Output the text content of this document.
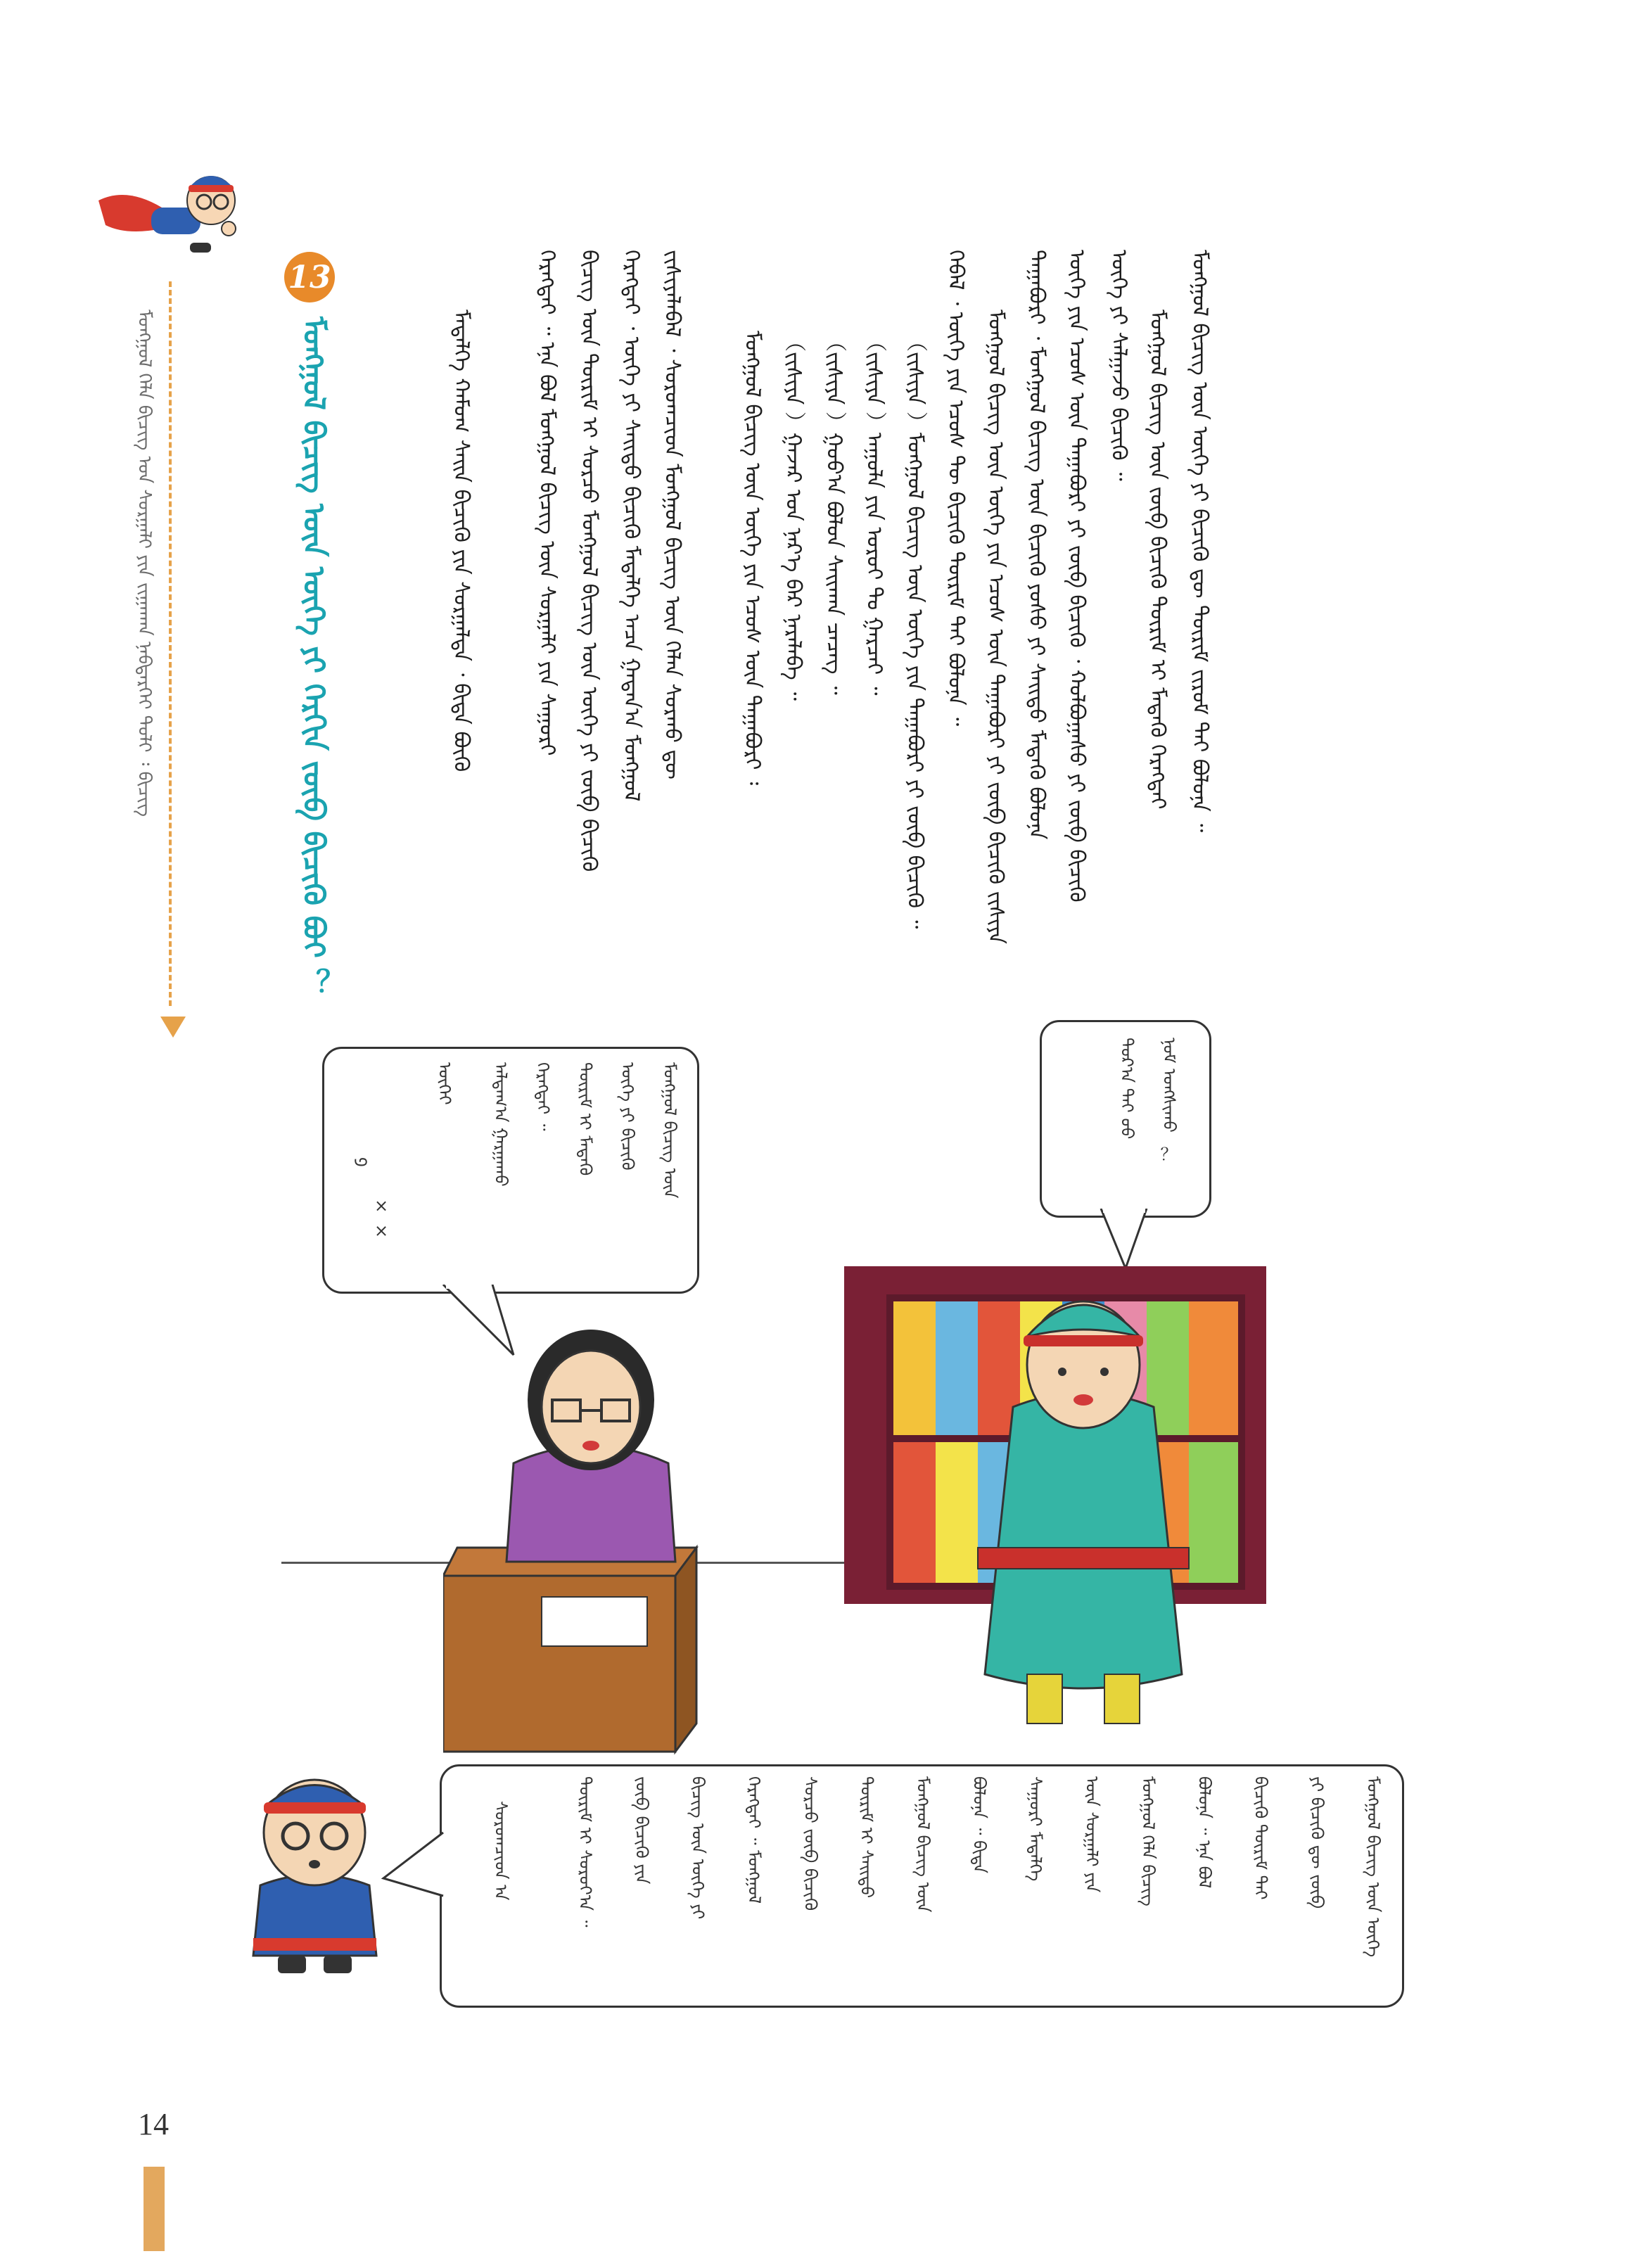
ᠮᠣᠩᠭᠣᠯ ᠬᠡᠯᠡ ᠪᠢᠴᠢᠭ ᠤᠨ ᠰᠤᠷᠭᠠᠯᠢ ᠶᠢᠨ ᠵᠢᠭᠠᠬᠠᠨ ᠨᠡᠪᠲᠡᠷᠬᠡᠢ ᠲᠣᠯᠢ ᠄ ᠪᠢᠴᠢᠭ
13
ᠮᠣᠩᠭᠣᠯ ᠪᠢᠴᠢᠭ ᠦᠨ ᠦᠭᠡ ᠶᠢ ᠬᠡᠷᠬᠢᠨ ᠵᠥᠪ ᠪᠢᠴᠢᠬᠦ ᠪᠤᠢ ？	ᠮᠣᠩᠭᠣᠯ ᠪᠢᠴᠢᠭ ᠦᠨ ᠦᠭᠡ ᠶᠢ ᠪᠢᠴᠢᠬᠦ ᠳᠦ ᠳᠦᠷᠢᠮ ᠵᠢᠷᠤᠮ ᠲᠠᠢ ᠪᠣᠯᠤᠨᠠ ᠃
ᠮᠣᠩᠭᠣᠯ ᠪᠢᠴᠢᠭ ᠦᠨ ᠵᠥᠪ ᠪᠢᠴᠢᠬᠦ ᠳᠦᠷᠢᠮ ᠢ ᠮᠡᠳᠡᠬᠦ ᠬᠡᠷᠡᠭᠲᠡᠢ
ᠦᠭᠡ ᠶᠢ ᠰᠠᠯᠭᠠᠵᠤ ᠪᠢᠴᠢᠬᠦ ᠃
ᠦᠭᠡ ᠶᠢᠨ ᠡᠴᠦᠰ ᠦᠨ ᠳᠠᠭᠠᠪᠤᠷᠢ ᠶᠢ ᠵᠥᠪ ᠪᠢᠴᠢᠬᠦ ᠂ ᠬᠣᠯᠪᠣᠭᠠᠰᠤ ᠶᠢ ᠵᠥᠪ ᠪᠢᠴᠢᠬᠦ
ᠳᠠᠭᠠᠪᠤᠷᠢ ᠂ ᠮᠣᠩᠭᠣᠯ ᠪᠢᠴᠢᠭ ᠦᠨ ᠪᠢᠴᠢᠬᠦ ᠶᠣᠰᠣ ᠶᠢ ᠰᠠᠢᠲᠤ ᠮᠡᠳᠡᠬᠦ ᠪᠣᠯᠤᠨᠠ
ᠮᠣᠩᠭᠣᠯ ᠪᠢᠴᠢᠭ ᠦᠨ ᠦᠭᠡ ᠶᠢᠨ ᠡᠴᠦᠰ ᠦᠨ ᠳᠠᠭᠠᠪᠤᠷᠢ ᠶᠢ ᠵᠥᠪ ᠪᠢᠴᠢᠬᠦ ᠵᠢᠱᠢᠶᠡ
ᠭᠡᠪᠡᠯ ᠂ ᠦᠭᠡ ᠶᠢᠨ ᠡᠴᠦᠰ ᠲᠦ ᠪᠢᠴᠢᠬᠦ ᠳᠦᠷᠢᠮ ᠲᠠᠢ ᠪᠣᠯᠤᠨᠠ ᠃
（ᠵᠢᠱᠢᠶᠡ ）ᠮᠣᠩᠭᠣᠯ ᠪᠢᠴᠢᠭ ᠦᠨ ᠦᠭᠡ ᠶᠢᠨ ᠳᠠᠭᠠᠪᠤᠷᠢ ᠶᠢ ᠵᠥᠪ ᠪᠢᠴᠢᠬᠦ ᠃
（ᠵᠢᠱᠢᠶᠡ ）ᠠᠭᠤᠯᠠ ᠶᠢᠨ ᠤᠷᠤᠢ ᠲᠤ ᠭᠠᠷᠴᠠᠢ ᠃
（ᠵᠢᠱᠢᠶᠡ ）ᠭᠣᠣ᠎ᠠ ᠪᠣᠯᠤᠨ ᠰᠠᠢᠬᠠᠨ ᠴᠡᠴᠡᠭ ᠃
（ᠵᠢᠱᠢᠶᠡ ）ᠭᠠᠵᠠᠷ ᠤᠨ ᠨᠡᠷ᠎ᠡ ᠪᠠᠷ ᠨᠡᠷᠡᠯᠡᠪᠡ ᠃
ᠮᠣᠩᠭᠣᠯ ᠪᠢᠴᠢᠭ ᠦᠨ ᠦᠭᠡ ᠶᠢᠨ ᠡᠴᠦᠰ ᠦᠨ ᠳᠠᠭᠠᠪᠤᠷᠢ ᠄
ᠵᠢᠱᠢᠶᠡᠯᠡᠪᠡᠯ ᠂ ᠰᠤᠷᠤᠭᠴᠢᠳ ᠮᠣᠩᠭᠣᠯ ᠪᠢᠴᠢᠭ ᠦᠨ ᠬᠡᠯᠡᠨ ᠰᠤᠷᠬᠤ ᠳᠦ
ᠬᠡᠷᠡᠭᠲᠡᠢ ᠂ ᠦᠭᠡ ᠶᠢ ᠰᠠᠢᠲᠤ ᠪᠢᠴᠢᠬᠦ ᠮᠡᠳᠡᠯᠭᠡ ᠠᠴᠠ ᠭᠠᠳᠠᠨ᠎ᠠ ᠮᠣᠩᠭᠣᠯ
ᠪᠢᠴᠢᠭ ᠦᠨ ᠳᠦᠷᠢᠮ ᠢ ᠰᠤᠷᠴᠤ ᠮᠣᠩᠭᠣᠯ ᠪᠢᠴᠢᠭ ᠦᠨ ᠦᠭᠡ ᠶᠢ ᠵᠥᠪ ᠪᠢᠴᠢᠬᠦ
ᠬᠡᠷᠡᠭᠲᠡᠢ ᠃ ᠡᠨᠡ ᠪᠣᠯ ᠮᠣᠩᠭᠣᠯ ᠪᠢᠴᠢᠭ ᠦᠨ ᠰᠤᠷᠭᠠᠯᠢ ᠶᠢᠨ ᠰᠠᠭᠤᠷᠢ
ᠮᠡᠳᠡᠯᠭᠡ ᠬᠠᠮᠤᠭ ᠰᠠᠢᠨ ᠪᠢᠴᠢᠬᠦ ᠶᠢᠨ ᠰᠤᠷᠭᠠᠯᠲᠠ ᠂ ᠪᠢᠳᠡ ᠪᠦᠬᠦ
ᠨᠣᠮ ᠤᠩᠰᠢᠬᠤ
ᠳᠤᠷ᠎ᠠ ᠲᠠᠢ ᠤᠤ
？
ᠮᠣᠩᠭᠣᠯ ᠪᠢᠴᠢᠭ ᠦᠨ
ᠦᠭᠡ ᠶᠢ ᠪᠢᠴᠢᠬᠦ
ᠳᠦᠷᠢᠮ ᠢ ᠮᠡᠳᠡᠬᠦ
ᠬᠡᠷᠡᠭᠲᠡᠢ ᠃
ᠠᠯᠳᠠᠭ᠎ᠠ ᠭᠠᠷᠭᠠᠬᠤ
ᠦᠭᠡᠢ
× ×
᠑
ᠮᠣᠩᠭᠣᠯ ᠪᠢᠴᠢᠭ ᠦᠨ ᠦᠭᠡ
ᠶᠢ ᠪᠢᠴᠢᠬᠦ ᠳᠦ ᠵᠥᠪ
ᠪᠢᠴᠢᠬᠦ ᠳᠦᠷᠢᠮ ᠲᠠᠢ
ᠪᠣᠯᠤᠨᠠ ᠃ ᠡᠨᠡ ᠪᠣᠯ
ᠮᠣᠩᠭᠣᠯ ᠬᠡᠯᠡ ᠪᠢᠴᠢᠭ
ᠦᠨ ᠰᠤᠷᠭᠠᠯᠢ ᠶᠢᠨ
ᠰᠠᠭᠤᠷᠢ ᠮᠡᠳᠡᠯᠭᠡ
ᠪᠣᠯᠤᠨᠠ ᠃ ᠪᠢᠳᠡ
ᠮᠣᠩᠭᠣᠯ ᠪᠢᠴᠢᠭ ᠦᠨ
ᠳᠦᠷᠢᠮ ᠢ ᠰᠠᠢᠲᠤ
ᠰᠤᠷᠴᠤ ᠵᠥᠪ ᠪᠢᠴᠢᠬᠦ
ᠬᠡᠷᠡᠭᠲᠡᠢ ᠃ ᠮᠣᠩᠭᠣᠯ
ᠪᠢᠴᠢᠭ ᠦᠨ ᠦᠭᠡ ᠶᠢ
ᠵᠥᠪ ᠪᠢᠴᠢᠬᠦ ᠶᠢᠨ
ᠳᠦᠷᠢᠮ ᠢ ᠰᠤᠷᠤᠶ᠎ᠠ ᠃
ᠰᠤᠷᠤᠭᠴᠢᠳ ᠠ
14
